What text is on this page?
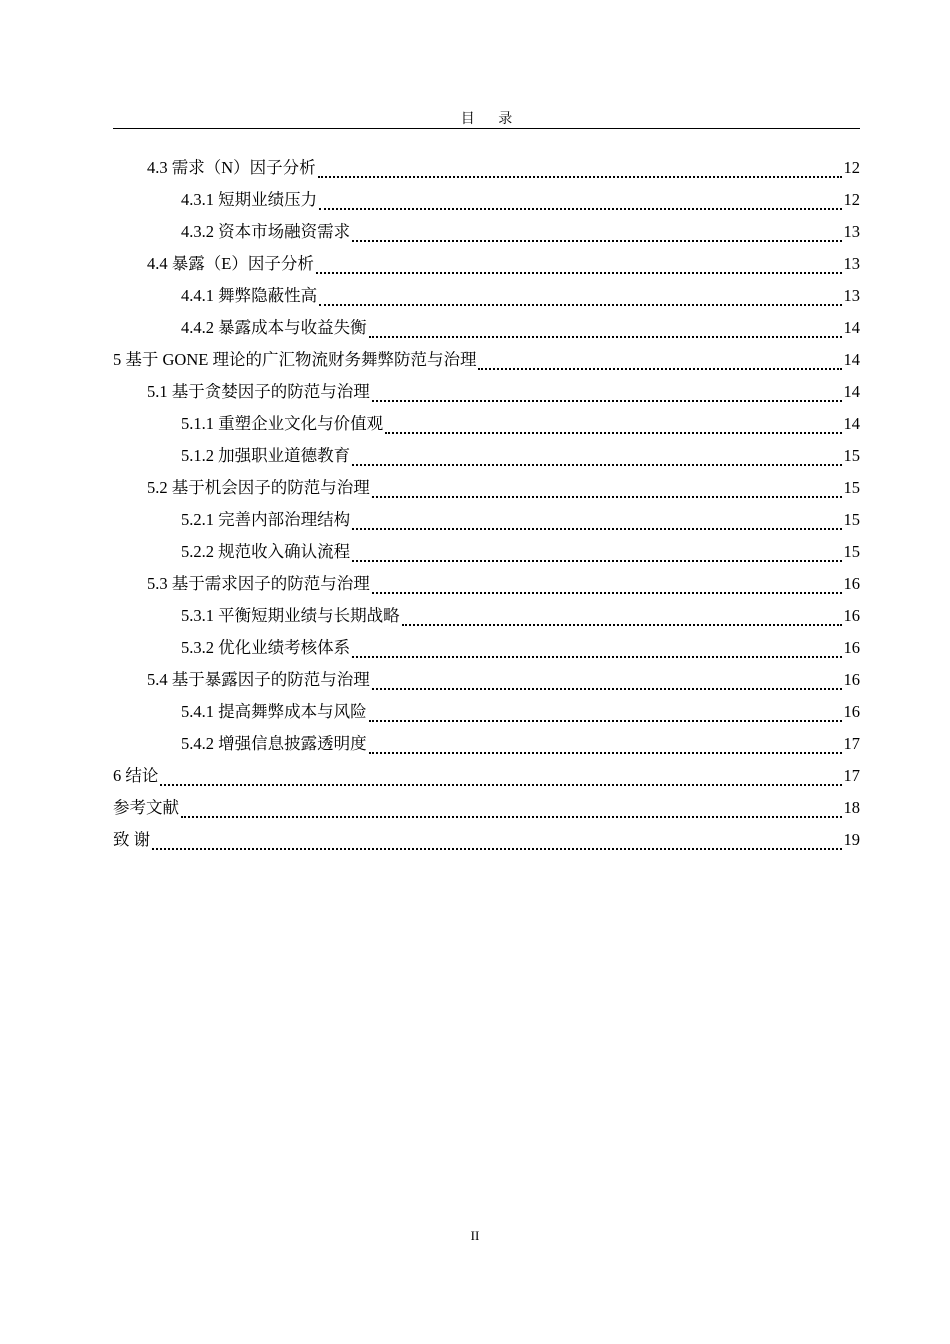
目 录
4.3 需求（N）因子分析	12
4.3.1 短期业绩压力	12
4.3.2 资本市场融资需求	13
4.4 暴露（E）因子分析	13
4.4.1 舞弊隐蔽性高	13
4.4.2 暴露成本与收益失衡	14
5 基于 GONE 理论的广汇物流财务舞弊防范与治理	14
5.1 基于贪婪因子的防范与治理	14
5.1.1 重塑企业文化与价值观	14
5.1.2 加强职业道德教育	15
5.2 基于机会因子的防范与治理	15
5.2.1 完善内部治理结构	15
5.2.2 规范收入确认流程	15
5.3 基于需求因子的防范与治理	16
5.3.1 平衡短期业绩与长期战略	16
5.3.2 优化业绩考核体系	16
5.4 基于暴露因子的防范与治理	16
5.4.1 提高舞弊成本与风险	16
5.4.2 增强信息披露透明度	17
6 结论	17
参考文献	18
致 谢	19
II
